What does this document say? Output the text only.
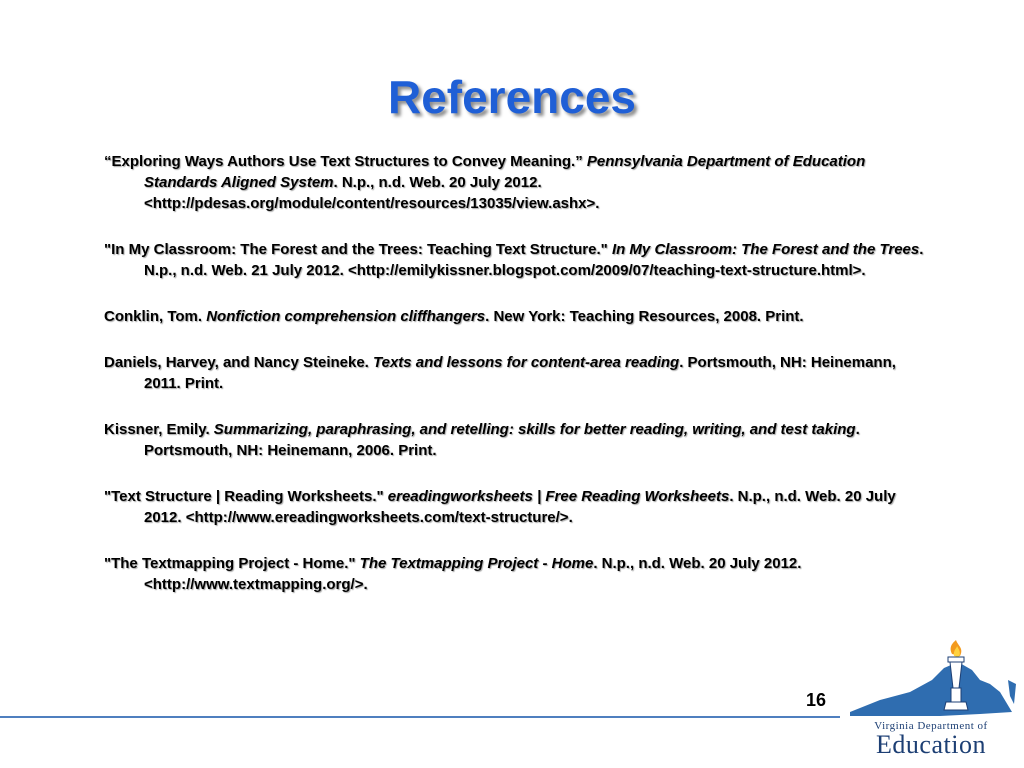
References

“Exploring Ways Authors Use Text Structures to Convey Meaning.” Pennsylvania Department of Education Standards Aligned System. N.p., n.d. Web. 20 July 2012. <http://pdesas.org/module/content/resources/13035/view.ashx>.

"In My Classroom: The Forest and the Trees: Teaching Text Structure." In My Classroom: The Forest and the Trees. N.p., n.d. Web. 21 July 2012. <http://emilykissner.blogspot.com/2009/07/teaching-text-structure.html>.

Conklin, Tom. Nonfiction comprehension cliffhangers. New York: Teaching Resources, 2008. Print.

Daniels, Harvey, and Nancy Steineke. Texts and lessons for content-area reading. Portsmouth, NH: Heinemann, 2011. Print.

Kissner, Emily. Summarizing, paraphrasing, and retelling: skills for better reading, writing, and test taking. Portsmouth, NH: Heinemann, 2006. Print.

"Text Structure | Reading Worksheets." ereadingworksheets | Free Reading Worksheets. N.p., n.d. Web. 20 July 2012. <http://www.ereadingworksheets.com/text-structure/>.

"The Textmapping Project - Home." The Textmapping Project - Home. N.p., n.d. Web. 20 July 2012. <http://www.textmapping.org/>.

16
Virginia Department of
Education
